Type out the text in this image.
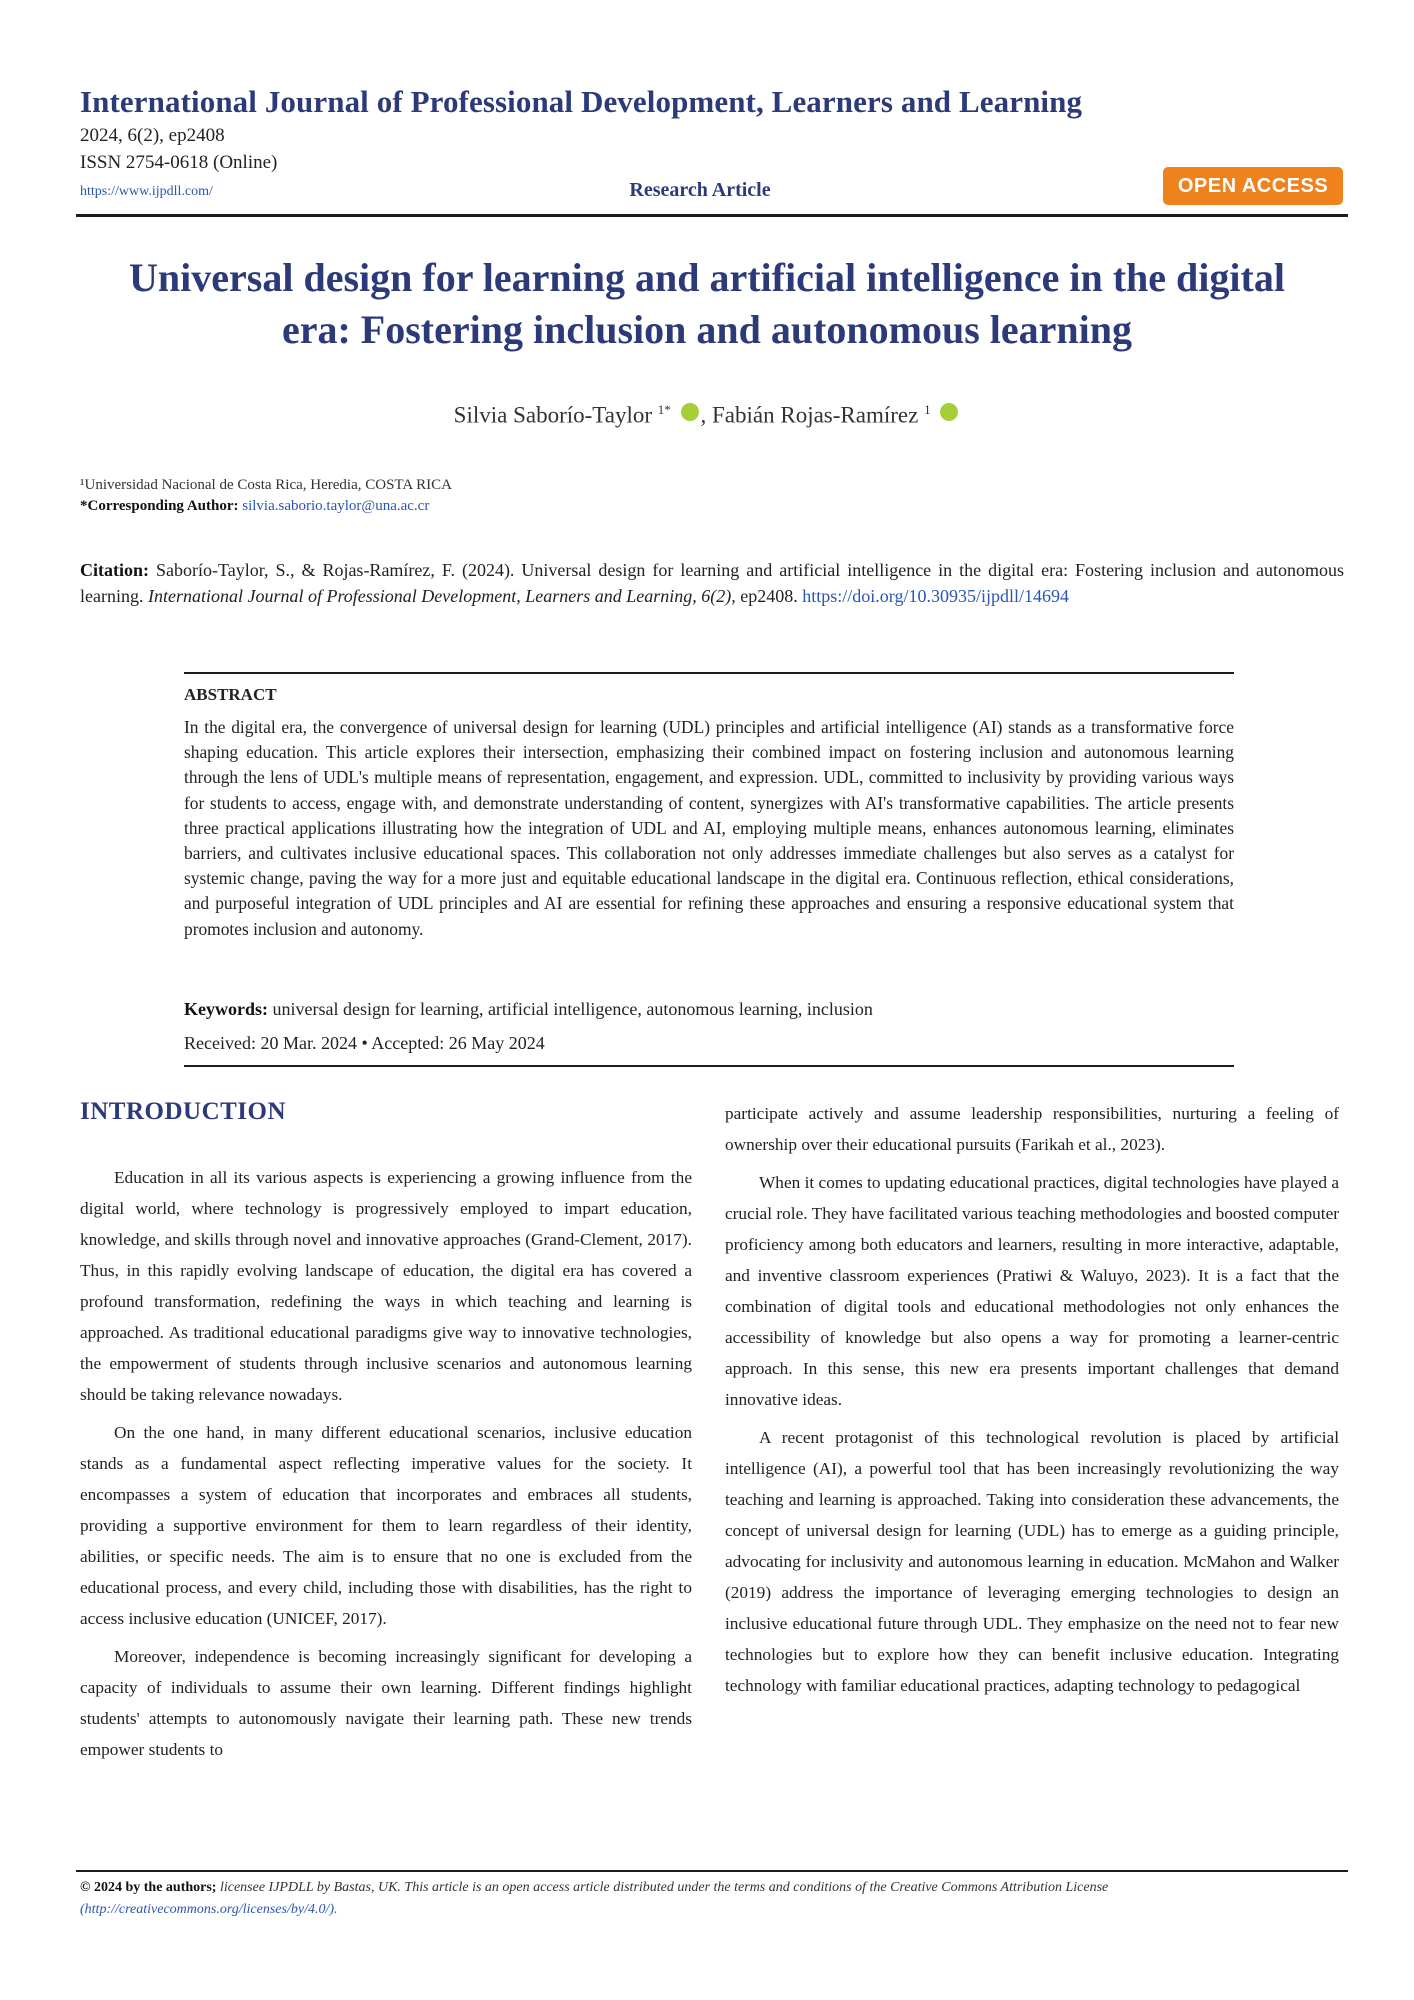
International Journal of Professional Development, Learners and Learning
2024, 6(2), ep2408
ISSN 2754-0618 (Online)
https://www.ijpdll.com/	Research Article	OPEN ACCESS
Universal design for learning and artificial intelligence in the digital era: Fostering inclusion and autonomous learning
Silvia Saborío-Taylor $^{1*}$ , Fabián Rojas-Ramírez $^1$
¹Universidad Nacional de Costa Rica, Heredia, COSTA RICA
*Corresponding Author: silvia.saborio.taylor@una.ac.cr
Citation: Saborío-Taylor, S., & Rojas-Ramírez, F. (2024). Universal design for learning and artificial intelligence in the digital era: Fostering inclusion and autonomous learning. International Journal of Professional Development, Learners and Learning, 6(2), ep2408. https://doi.org/10.30935/ijpdll/14694
ABSTRACT
In the digital era, the convergence of universal design for learning (UDL) principles and artificial intelligence (AI) stands as a transformative force shaping education. This article explores their intersection, emphasizing their combined impact on fostering inclusion and autonomous learning through the lens of UDL's multiple means of representation, engagement, and expression. UDL, committed to inclusivity by providing various ways for students to access, engage with, and demonstrate understanding of content, synergizes with AI's transformative capabilities. The article presents three practical applications illustrating how the integration of UDL and AI, employing multiple means, enhances autonomous learning, eliminates barriers, and cultivates inclusive educational spaces. This collaboration not only addresses immediate challenges but also serves as a catalyst for systemic change, paving the way for a more just and equitable educational landscape in the digital era. Continuous reflection, ethical considerations, and purposeful integration of UDL principles and AI are essential for refining these approaches and ensuring a responsive educational system that promotes inclusion and autonomy.
Keywords: universal design for learning, artificial intelligence, autonomous learning, inclusion
Received: 20 Mar. 2024 • Accepted: 26 May 2024
INTRODUCTION

Education in all its various aspects is experiencing a growing influence from the digital world, where technology is progressively employed to impart education, knowledge, and skills through novel and innovative approaches (Grand-Clement, 2017). Thus, in this rapidly evolving landscape of education, the digital era has covered a profound transformation, redefining the ways in which teaching and learning is approached. As traditional educational paradigms give way to innovative technologies, the empowerment of students through inclusive scenarios and autonomous learning should be taking relevance nowadays.

On the one hand, in many different educational scenarios, inclusive education stands as a fundamental aspect reflecting imperative values for the society. It encompasses a system of education that incorporates and embraces all students, providing a supportive environment for them to learn regardless of their identity, abilities, or specific needs. The aim is to ensure that no one is excluded from the educational process, and every child, including those with disabilities, has the right to access inclusive education (UNICEF, 2017).

Moreover, independence is becoming increasingly significant for developing a capacity of individuals to assume their own learning. Different findings highlight students' attempts to autonomously navigate their learning path. These new trends empower students to

participate actively and assume leadership responsibilities, nurturing a feeling of ownership over their educational pursuits (Farikah et al., 2023).

When it comes to updating educational practices, digital technologies have played a crucial role. They have facilitated various teaching methodologies and boosted computer proficiency among both educators and learners, resulting in more interactive, adaptable, and inventive classroom experiences (Pratiwi & Waluyo, 2023). It is a fact that the combination of digital tools and educational methodologies not only enhances the accessibility of knowledge but also opens a way for promoting a learner-centric approach. In this sense, this new era presents important challenges that demand innovative ideas.

A recent protagonist of this technological revolution is placed by artificial intelligence (AI), a powerful tool that has been increasingly revolutionizing the way teaching and learning is approached. Taking into consideration these advancements, the concept of universal design for learning (UDL) has to emerge as a guiding principle, advocating for inclusivity and autonomous learning in education. McMahon and Walker (2019) address the importance of leveraging emerging technologies to design an inclusive educational future through UDL. They emphasize on the need not to fear new technologies but to explore how they can benefit inclusive education. Integrating technology with familiar educational practices, adapting technology to pedagogical

© 2024 by the authors; licensee IJPDLL by Bastas, UK. This article is an open access article distributed under the terms and conditions of the Creative Commons Attribution License (http://creativecommons.org/licenses/by/4.0/).
